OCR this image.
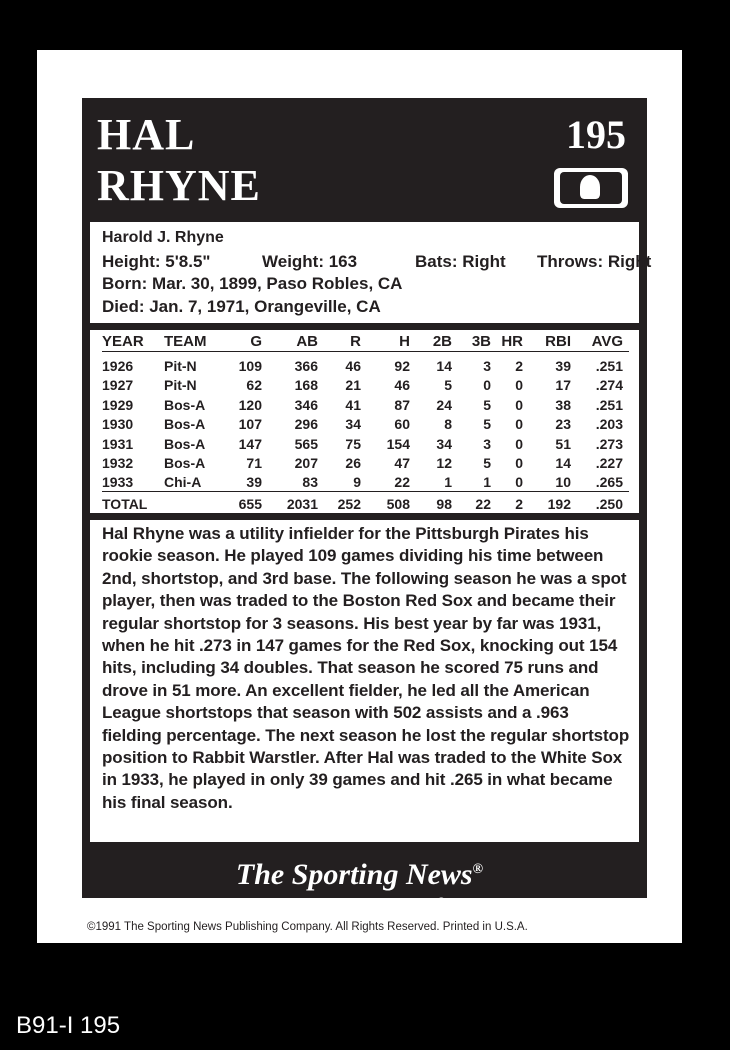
HAL
RHYNE
195
Harold J. Rhyne
Height: 5'8.5"	Weight: 163	Bats: Right Throws: Right
Born: Mar. 30, 1899, Paso Robles, CA
Died: Jan. 7, 1971, Orangeville, CA
YEAR TEAM	G AB R	H 2B 3B HR RBI AVG
1926 Pit-N	109 366 46 92 14 3 2 39 .251
1927 Pit-N	62 168 21 46 5 0 0 17 .274
1929 Bos-A 120 346 41 87 24 5 0 38 .251
1930 Bos-A 107 296 34 60 8 5 0 23 .203
1931 Bos-A 147 565 75 154 34 3 0 51 .273
1932 Bos-A	71 207 26 47 12 5 0 14 .227
1933 Chi-A	39	83	9 22 1 1 0 10 .265
TOTAL	655 2031 252 508 98 22 2 192 .250

Hal Rhyne was a utility infielder for the Pittsburgh Pirates his rookie season. He played 109 games dividing his time between 2nd, shortstop, and 3rd base. The following season he was a spot player, then was traded to the Boston Red Sox and became their regular shortstop for 3 seasons. His best year by far was 1931, when he hit .273 in 147 games for the Red Sox, knocking out 154 hits, including 34 doubles. That season he scored 75 runs and drove in 51 more. An excellent fielder, he led all the American League shortstops that season with 502 assists and a .963 fielding percentage. The next season he lost the regular shortstop position to Rabbit Warstler. After Hal was traded to the White Sox in 1933, he played in only 39 games and hit .265 in what became his final season.

The Sporting News®
CONLON COLLECTION®
©1991 The Sporting News Publishing Company. All Rights Reserved. Printed in U.S.A.
B91-I 195
